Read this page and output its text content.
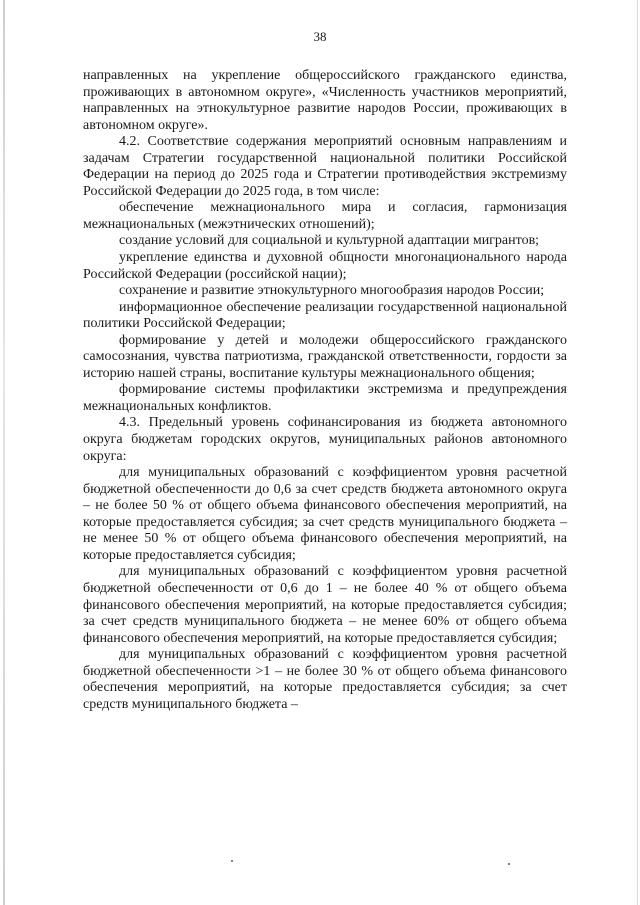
38

направленных на укрепление общероссийского гражданского единства, проживающих в автономном округе», «Численность участников мероприятий, направленных на этнокультурное развитие народов России, проживающих в автономном округе».

4.2. Соответствие содержания мероприятий основным направлениям и задачам Стратегии государственной национальной политики Российской Федерации на период до 2025 года и Стратегии противодействия экстремизму Российской Федерации до 2025 года, в том числе:

обеспечение межнационального мира и согласия, гармонизация межнациональных (межэтнических отношений);

создание условий для социальной и культурной адаптации мигрантов;

укрепление единства и духовной общности многонационального народа Российской Федерации (российской нации);

сохранение и развитие этнокультурного многообразия народов России;

информационное обеспечение реализации государственной национальной политики Российской Федерации;

формирование у детей и молодежи общероссийского гражданского самосознания, чувства патриотизма, гражданской ответственности, гордости за историю нашей страны, воспитание культуры межнационального общения;

формирование системы профилактики экстремизма и предупреждения межнациональных конфликтов.

4.3. Предельный уровень софинансирования из бюджета автономного округа бюджетам городских округов, муниципальных районов автономного округа:

для муниципальных образований с коэффициентом уровня расчетной бюджетной обеспеченности до 0,6 за счет средств бюджета автономного округа – не более 50 % от общего объема финансового обеспечения мероприятий, на которые предоставляется субсидия; за счет средств муниципального бюджета – не менее 50 % от общего объема финансового обеспечения мероприятий, на которые предоставляется субсидия;

для муниципальных образований с коэффициентом уровня расчетной бюджетной обеспеченности от 0,6 до 1 – не более 40 % от общего объема финансового обеспечения мероприятий, на которые предоставляется субсидия; за счет средств муниципального бюджета – не менее 60% от общего объема финансового обеспечения мероприятий, на которые предоставляется субсидия;

для муниципальных образований с коэффициентом уровня расчетной бюджетной обеспеченности >1 – не более 30 % от общего объема финансового обеспечения мероприятий, на которые предоставляется субсидия; за счет средств муниципального бюджета –
